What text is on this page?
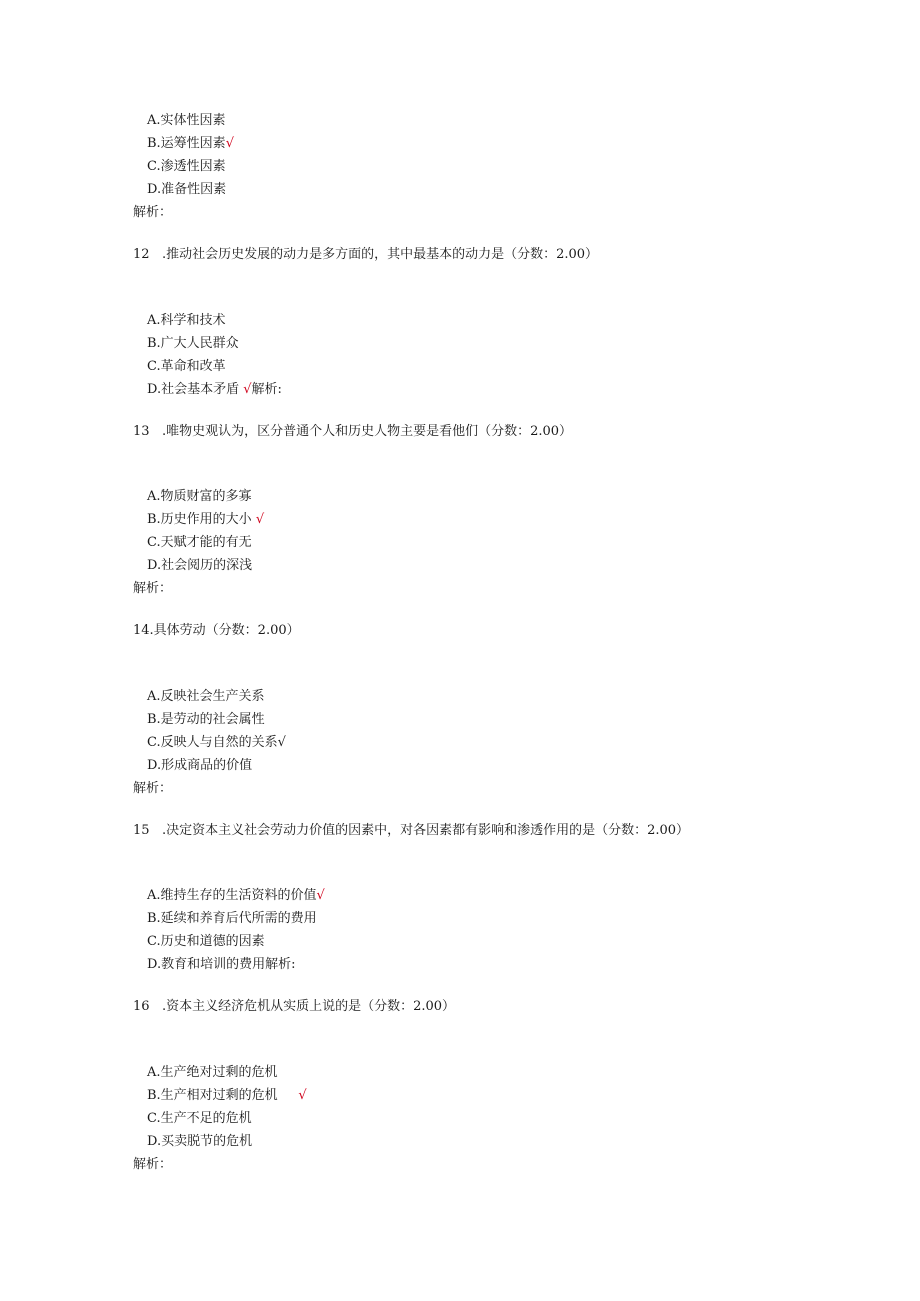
A.实体性因素
B.运筹性因素√
C.渗透性因素
D.准备性因素
解析：
12 .推动社会历史发展的动力是多方面的，其中最基本的动力是（分数：2.00）
A.科学和技术
B.广大人民群众
C.革命和改革
D.社会基本矛盾 √解析:
13 .唯物史观认为，区分普通个人和历史人物主要是看他们（分数：2.00）
A.物质财富的多寡
B.历史作用的大小 √
C.天赋才能的有无
D.社会阅历的深浅
解析：
14.具体劳动（分数：2.00）
A.反映社会生产关系
B.是劳动的社会属性
C.反映人与自然的关系√
D.形成商品的价值
解析：
15 .决定资本主义社会劳动力价值的因素中，对各因素都有影响和渗透作用的是（分数：2.00）
A.维持生存的生活资料的价值√
B.延续和养育后代所需的费用
C.历史和道德的因素
D.教育和培训的费用解析:
16 .资本主义经济危机从实质上说的是（分数：2.00）
A.生产绝对过剩的危机
B.生产相对过剩的危机 √
C.生产不足的危机
D.买卖脱节的危机
解析：
